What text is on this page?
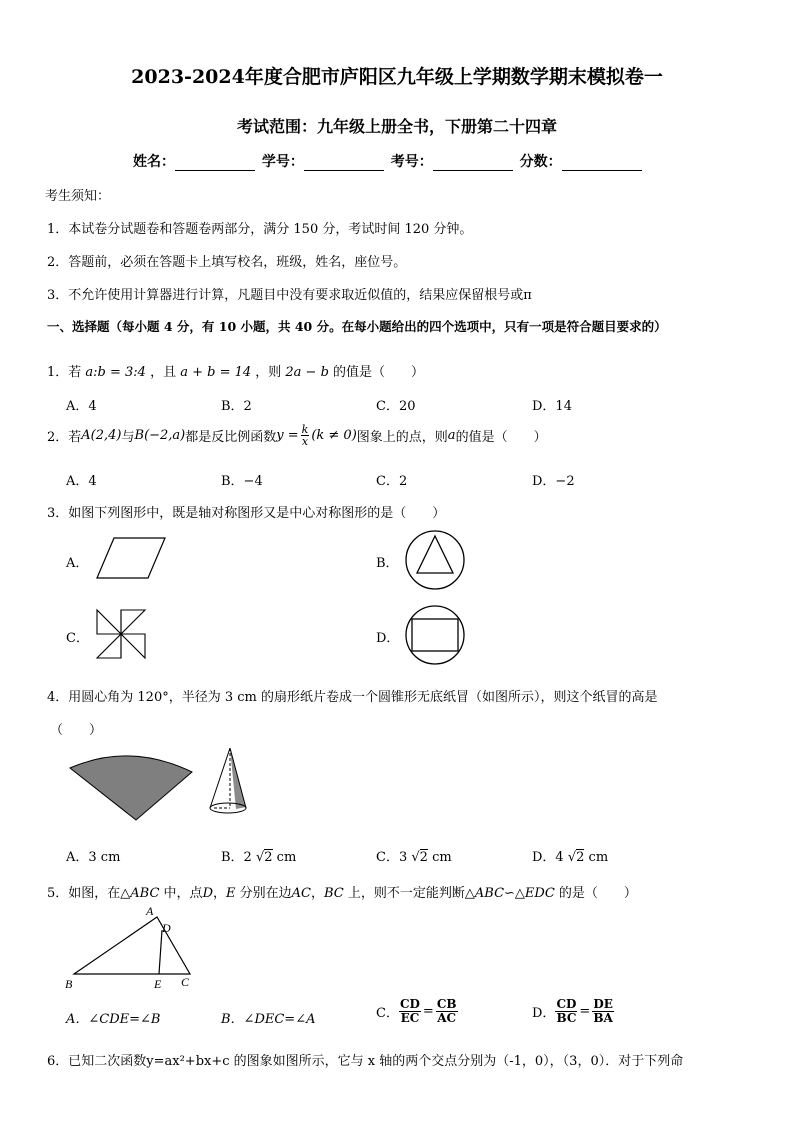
2023-2024年度合肥市庐阳区九年级上学期数学期末模拟卷一
考试范围：九年级上册全书，下册第二十四章
姓名：	学号：	考号：	分数：
考生须知：
1．本试卷分试题卷和答题卷两部分，满分 150 分，考试时间 120 分钟。
2．答题前，必须在答题卡上填写校名，班级，姓名，座位号。
3．不允许使用计算器进行计算，凡题目中没有要求取近似值的，结果应保留根号或π
一、选择题（每小题 4 分，有 10 小题，共 40 分。在每小题给出的四个选项中，只有一项是符合题目要求的）
1．若 a:b = 3:4 ，且 a + b = 14 ，则 2a − b 的值是（　　）
A．4	B．2	C．20	D．14
2．若 A(2,4) 与 B(−2,a) 都是反比例函数 $y = \frac{k}{x} (k \ne 0)$ 图象上的点，则 a 的值是（　　）
A．4	B．−4	C．2	D．−2
3．如图下列图形中，既是轴对称图形又是中心对称图形的是（　　）
A．	B．
C．	D．
4．用圆心角为 120°，半径为 3 cm 的扇形纸片卷成一个圆锥形无底纸冒（如图所示），则这个纸冒的高是
（　　）
A．3 cm	B．2 √2 cm	C．3 √2 cm	D．4 √2 cm
5．如图，在△ABC 中，点D，E 分别在边AC，BC 上，则不一定能判断△ABC∽△EDC 的是（　　）
A
D
B	E C
A．∠CDE=∠B	B．∠DEC=∠A	C． $\frac{CD}{EC} = \frac{CB}{AC}$	D． $\frac{CD}{BC} = \frac{DE}{BA}$
6．已知二次函数y=ax²+bx+c 的图象如图所示，它与 x 轴的两个交点分别为（-1，0），（3，0）．对于下列命
